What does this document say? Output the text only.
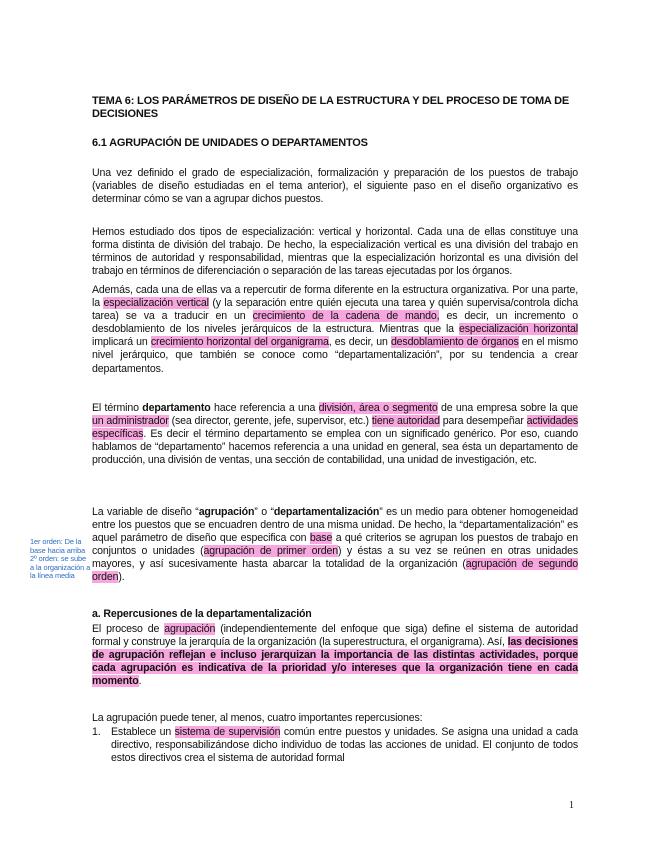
TEMA 6: LOS PARÁMETROS DE DISEÑO DE LA ESTRUCTURA Y DEL PROCESO DE TOMA DE DECISIONES
6.1 AGRUPACIÓN DE UNIDADES O DEPARTAMENTOS
Una vez definido el grado de especialización, formalización y preparación de los puestos de trabajo (variables de diseño estudiadas en el tema anterior), el siguiente paso en el diseño organizativo es determinar cómo se van a agrupar dichos puestos.
Hemos estudiado dos tipos de especialización: vertical y horizontal. Cada una de ellas constituye una forma distinta de división del trabajo. De hecho, la especialización vertical es una división del trabajo en términos de autoridad y responsabilidad, mientras que la especialización horizontal es una división del trabajo en términos de diferenciación o separación de las tareas ejecutadas por los órganos.
Además, cada una de ellas va a repercutir de forma diferente en la estructura organizativa. Por una parte, la especialización vertical (y la separación entre quién ejecuta una tarea y quién supervisa/controla dicha tarea) se va a traducir en un crecimiento de la cadena de mando, es decir, un incremento o desdoblamiento de los niveles jerárquicos de la estructura. Mientras que la especialización horizontal implicará un crecimiento horizontal del organigrama, es decir, un desdoblamiento de órganos en el mismo nivel jerárquico, que también se conoce como “departamentalización”, por su tendencia a crear departamentos.
El término departamento hace referencia a una división, área o segmento de una empresa sobre la que un administrador (sea director, gerente, jefe, supervisor, etc.) tiene autoridad para desempeñar actividades específicas. Es decir el término departamento se emplea con un significado genérico. Por eso, cuando hablamos de “departamento” hacemos referencia a una unidad en general, sea ésta un departamento de producción, una división de ventas, una sección de contabilidad, una unidad de investigación, etc.
1er orden: De la base hacia arriba 2º orden: se sube a la organización a la línea media
La variable de diseño “agrupación” o “departamentalización” es un medio para obtener homogeneidad entre los puestos que se encuadren dentro de una misma unidad. De hecho, la “departamentalización” es aquel parámetro de diseño que especifica con base a qué criterios se agrupan los puestos de trabajo en conjuntos o unidades (agrupación de primer orden) y éstas a su vez se reúnen en otras unidades mayores, y así sucesivamente hasta abarcar la totalidad de la organización (agrupación de segundo orden).
a. Repercusiones de la departamentalización
El proceso de agrupación (independientemente del enfoque que siga) define el sistema de autoridad formal y construye la jerarquía de la organización (la superestructura, el organigrama). Así, las decisiones de agrupación reflejan e incluso jerarquizan la importancia de las distintas actividades, porque cada agrupación es indicativa de la prioridad y/o intereses que la organización tiene en cada momento.
La agrupación puede tener, al menos, cuatro importantes repercusiones:
1. Establece un sistema de supervisión común entre puestos y unidades. Se asigna una unidad a cada directivo, responsabilizándose dicho individuo de todas las acciones de unidad. El conjunto de todos estos directivos crea el sistema de autoridad formal
1
